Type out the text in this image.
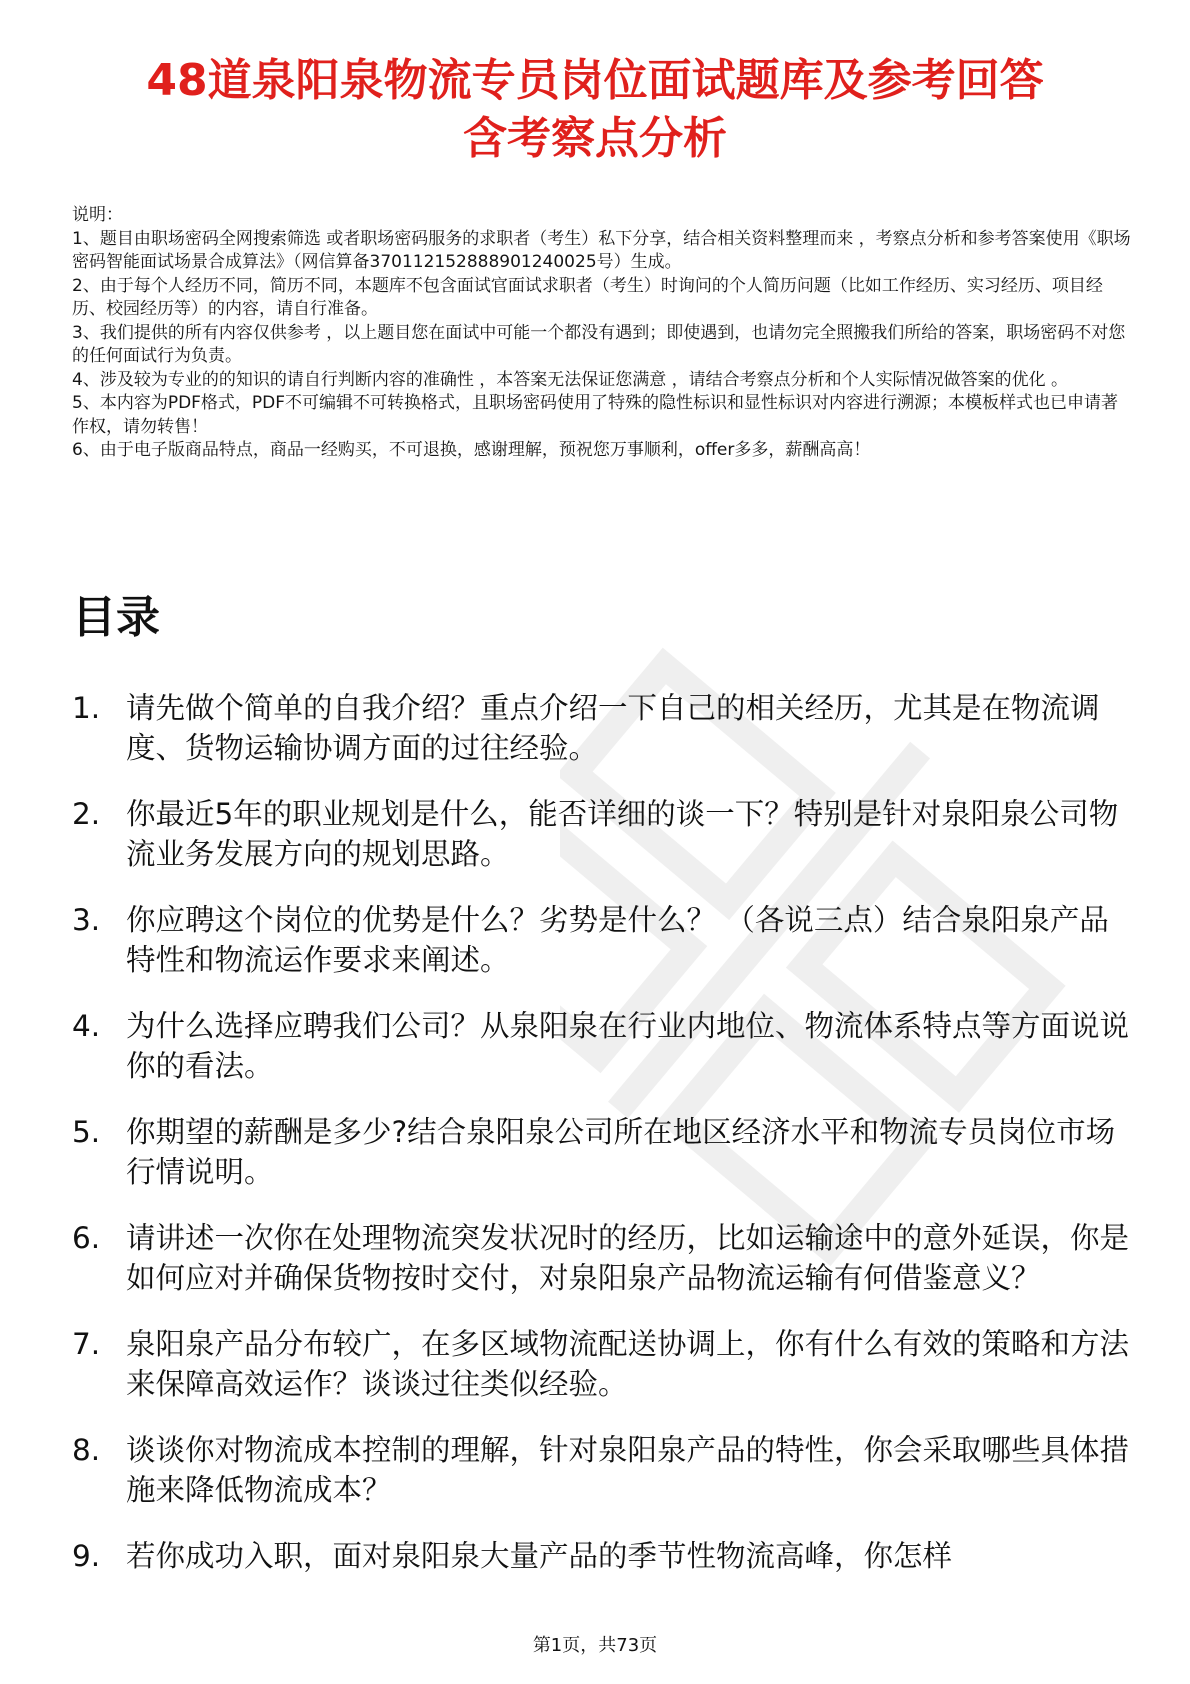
48道泉阳泉物流专员岗位面试题库及参考回答
含考察点分析

说明：

1、题目由职场密码全网搜索筛选 或者职场密码服务的求职者（考生）私下分享，结合相关资料整理而来 ，考察点分析和参考答案使用《职场密码智能面试场景合成算法》（网信算备370112152888901240025号）生成。

2、由于每个人经历不同，简历不同，本题库不包含面试官面试求职者（考生）时询问的个人简历问题（比如工作经历、实习经历、项目经历、校园经历等）的内容，请自行准备。

3、我们提供的所有内容仅供参考 ，以上题目您在面试中可能一个都没有遇到；即使遇到，也请勿完全照搬我们所给的答案，职场密码不对您的任何面试行为负责。

4、涉及较为专业的的知识的请自行判断内容的准确性 ，本答案无法保证您满意 ，请结合考察点分析和个人实际情况做答案的优化 。

5、本内容为PDF格式，PDF不可编辑不可转换格式，且职场密码使用了特殊的隐性标识和显性标识对内容进行溯源；本模板样式也已申请著作权，请勿转售！

6、由于电子版商品特点，商品一经购买，不可退换，感谢理解，预祝您万事顺利，offer多多，薪酬高高！

目录
1. 请先做个简单的自我介绍？重点介绍一下自己的相关经历，尤其是在物流调度、货物运输协调方面的过往经验。
2. 你最近5年的职业规划是什么，能否详细的谈一下？特别是针对泉阳泉公司物流业务发展方向的规划思路。
3. 你应聘这个岗位的优势是什么？劣势是什么？ （各说三点）结合泉阳泉产品特性和物流运作要求来阐述。
4. 为什么选择应聘我们公司？从泉阳泉在行业内地位、物流体系特点等方面说说你的看法。
5. 你期望的薪酬是多少?结合泉阳泉公司所在地区经济水平和物流专员岗位市场行情说明。
6. 请讲述一次你在处理物流突发状况时的经历，比如运输途中的意外延误，你是如何应对并确保货物按时交付，对泉阳泉产品物流运输有何借鉴意义？
7. 泉阳泉产品分布较广，在多区域物流配送协调上，你有什么有效的策略和方法来保障高效运作？谈谈过往类似经验。
8. 谈谈你对物流成本控制的理解，针对泉阳泉产品的特性，你会采取哪些具体措施来降低物流成本？
9. 若你成功入职，面对泉阳泉大量产品的季节性物流高峰，你怎样
第1页，共73页
